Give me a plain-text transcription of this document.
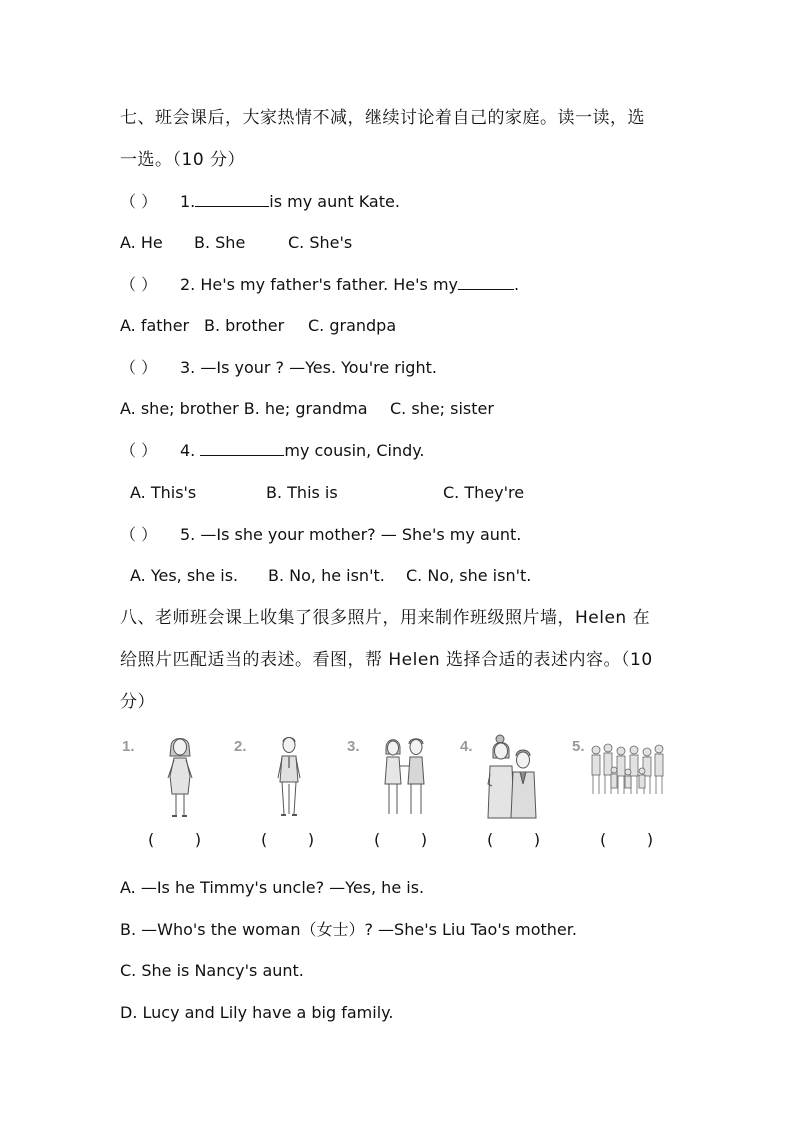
七、班会课后，大家热情不减，继续讨论着自己的家庭。读一读，选
一选。（10 分）
（ ） 1.	is my aunt Kate.
A. He B. She	C. She's
（ ） 2. He's my father's father. He's my	.
A. father B. brother C. grandpa
（ ） 3. —Is your ? —Yes. You're right.
A. she; brother B. he; grandma C. she; sister
（ ） 4.	my cousin, Cindy.
A. This's	B. This is	C. They're
（ ） 5. —Is she your mother? — She's my aunt.
A. Yes, she is. B. No, he isn't. C. No, she isn't.
八、老师班会课上收集了很多照片，用来制作班级照片墙，Helen 在
给照片匹配适当的表述。看图，帮 Helen 选择合适的表述内容。（10
分）
1.	2.	3.	4.	5.
(        )	(        )	(        )	(        )	(        )
A. —Is he Timmy's uncle? —Yes, he is.
B. —Who's the woman（女士）? —She's Liu Tao's mother.
C. She is Nancy's aunt.
D. Lucy and Lily have a big family.
